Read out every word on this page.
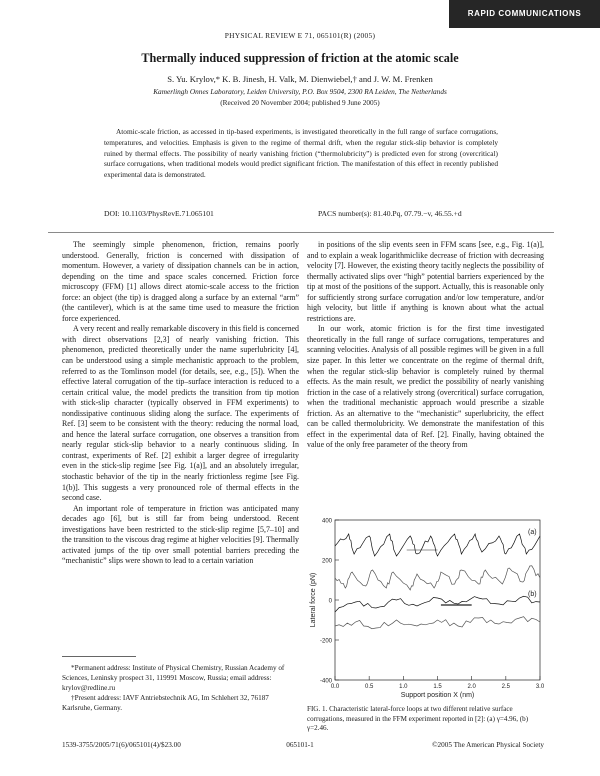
RAPID COMMUNICATIONS
PHYSICAL REVIEW E 71, 065101(R) (2005)
Thermally induced suppression of friction at the atomic scale
S. Yu. Krylov,* K. B. Jinesh, H. Valk, M. Dienwiebel,† and J. W. M. Frenken
Kamerlingh Onnes Laboratory, Leiden University, P.O. Box 9504, 2300 RA Leiden, The Netherlands
(Received 20 November 2004; published 9 June 2005)
Atomic-scale friction, as accessed in tip-based experiments, is investigated theoretically in the full range of surface corrugations, temperatures, and velocities. Emphasis is given to the regime of thermal drift, when the regular stick-slip behavior is completely ruined by thermal effects. The possibility of nearly vanishing friction (“thermolubricity”) is predicted even for strong (overcritical) surface corrugations, when traditional models would predict significant friction. The manifestation of this effect in recently published experimental data is demonstrated.
DOI: 10.1103/PhysRevE.71.065101	PACS number(s): 81.40.Pq, 07.79.−v, 46.55.+d

The seemingly simple phenomenon, friction, remains poorly understood. Generally, friction is concerned with dissipation of momentum. However, a variety of dissipation channels can be in action, depending on the time and space scales concerned. Friction force microscopy (FFM) [1] allows direct atomic-scale access to the friction force: an object (the tip) is dragged along a surface by an external “arm” (the cantilever), which is at the same time used to measure the friction force experienced.

A very recent and really remarkable discovery in this field is concerned with direct observations [2,3] of nearly vanishing friction. This phenomenon, predicted theoretically under the name superlubricity [4], can be understood using a simple mechanistic approach to the problem, referred to as the Tomlinson model (for details, see, e.g., [5]). When the effective lateral corrugation of the tip–surface interaction is reduced to a certain critical value, the model predicts the transition from tip motion with stick-slip character (typically observed in FFM experiments) to nondissipative continuous sliding along the surface. The experiments of Ref. [3] seem to be consistent with the theory: reducing the normal load, and hence the lateral surface corrugation, one observes a transition from nearly regular stick-slip behavior to a nearly continuous sliding. In contrast, experiments of Ref. [2] exhibit a larger degree of irregularity even in the stick-slip regime [see Fig. 1(a)], and an absolutely irregular, stochastic behavior of the tip in the nearly frictionless regime [see Fig. 1(b)]. This suggests a very pronounced role of thermal effects in the second case.

An important role of temperature in friction was anticipated many decades ago [6], but is still far from being understood. Recent investigations have been restricted to the stick-slip regime [5,7–10] and the transition to the viscous drag regime at higher velocities [9]. Thermally activated jumps of the tip over small potential barriers preceding the “mechanistic” slips were shown to lead to a certain variation

in positions of the slip events seen in FFM scans [see, e.g., Fig. 1(a)], and to explain a weak logarithmiclike decrease of friction with decreasing velocity [7]. However, the existing theory tacitly neglects the possibility of thermally activated slips over “high” potential barriers experienced by the tip at most of the positions of the support. Actually, this is reasonable only for sufficiently strong surface corrugation and/or low temperature, and/or high velocity, but little if anything is known about what the actual restrictions are.

In our work, atomic friction is for the first time investigated theoretically in the full range of surface corrugations, temperatures and scanning velocities. Analysis of all possible regimes will be given in a full size paper. In this letter we concentrate on the regime of thermal drift, when the regular stick-slip behavior is completely ruined by thermal effects. As the main result, we predict the possibility of nearly vanishing friction in the case of a relatively strong (overcritical) surface corrugation, when the traditional mechanistic approach would prescribe a sizable friction. As an alternative to the “mechanistic” superlubricity, the effect can be called thermolubricity. We demonstrate the manifestation of this effect in the experimental data of Ref. [2]. Finally, having obtained the value of the only free parameter of the theory from

400
200
0
-200
-400
0.0	0.5	1.0	1.5	2.0	2.5	3.0
Support position X (nm)
Lateral force (pN)
(a)
(b)
FIG. 1. Characteristic lateral-force loops at two different relative surface corrugations, measured in the FFM experiment reported in [2]: (a) γ=4.96, (b) γ=2.46.

*Permanent address: Institute of Physical Chemistry, Russian Academy of Sciences, Leninsky prospect 31, 119991 Moscow, Russia; email address: krylov@redline.ru

†Present address: IAVF Antriebstechnik AG, Im Schlehert 32, 76187 Karlsruhe, Germany.

1539-3755/2005/71(6)/065101(4)/$23.00	065101-1	©2005 The American Physical Society
